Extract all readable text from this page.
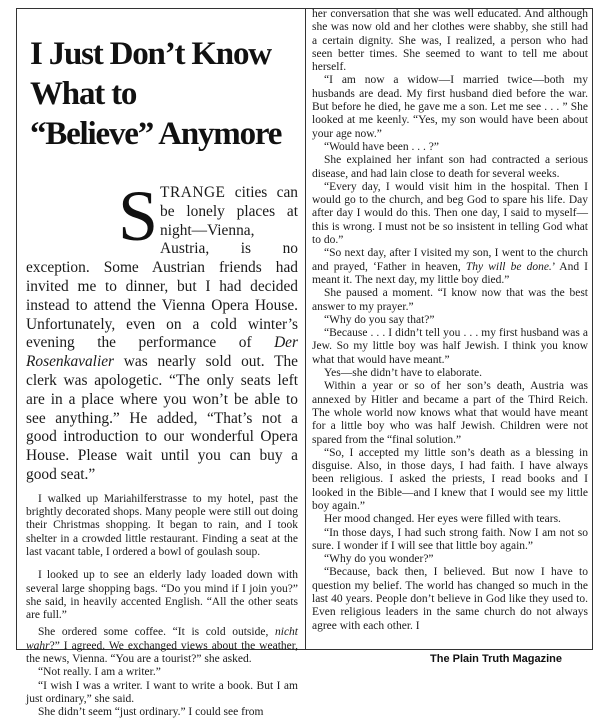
I Just Don’t Know
What to
“Believe” Anymore

STRANGE cities can be lonely places at night—Vienna, Austria, is no exception. Some Austrian friends had invited me to dinner, but I had decided instead to attend the Vienna Opera House. Unfortunately, even on a cold winter’s evening the performance of Der Rosenkavalier was nearly sold out. The clerk was apologetic. “The only seats left are in a place where you won’t be able to see anything.” He added, “That’s not a good introduction to our wonderful Opera House. Please wait until you can buy a good seat.”

I walked up Mariahilferstrasse to my hotel, past the brightly decorated shops. Many people were still out doing their Christmas shopping. It began to rain, and I took shelter in a crowded little restaurant. Finding a seat at the last vacant table, I ordered a bowl of goulash soup.

I looked up to see an elderly lady loaded down with several large shopping bags. “Do you mind if I join you?” she said, in heavily accented English. “All the other seats are full.”

She ordered some coffee. “It is cold outside, nicht wahr?” I agreed. We exchanged views about the weather, the news, Vienna. “You are a tourist?” she asked.

“Not really. I am a writer.”

“I wish I was a writer. I want to write a book. But I am just ordinary,” she said.

She didn’t seem “just ordinary.” I could see from

her conversation that she was well educated. And although she was now old and her clothes were shabby, she still had a certain dignity. She was, I realized, a person who had seen better times. She seemed to want to tell me about herself.

“I am now a widow—I married twice—both my husbands are dead. My first husband died before the war. But before he died, he gave me a son. Let me see . . . ” She looked at me keenly. “Yes, my son would have been about your age now.”

“Would have been . . . ?”

She explained her infant son had contracted a serious disease, and had lain close to death for several weeks.

“Every day, I would visit him in the hospital. Then I would go to the church, and beg God to spare his life. Day after day I would do this. Then one day, I said to myself—this is wrong. I must not be so insistent in telling God what to do.”

“So next day, after I visited my son, I went to the church and prayed, ‘Father in heaven, Thy will be done.’ And I meant it. The next day, my little boy died.”

She paused a moment. “I know now that was the best answer to my prayer.”

“Why do you say that?”

“Because . . . I didn’t tell you . . . my first husband was a Jew. So my little boy was half Jewish. I think you know what that would have meant.”

Yes—she didn’t have to elaborate.

Within a year or so of her son’s death, Austria was annexed by Hitler and became a part of the Third Reich. The whole world now knows what that would have meant for a little boy who was half Jewish. Children were not spared from the “final solution.”

“So, I accepted my little son’s death as a blessing in disguise. Also, in those days, I had faith. I have always been religious. I asked the priests, I read books and I looked in the Bible—and I knew that I would see my little boy again.”

Her mood changed. Her eyes were filled with tears.

“In those days, I had such strong faith. Now I am not so sure. I wonder if I will see that little boy again.”

“Why do you wonder?”

“Because, back then, I believed. But now I have to question my belief. The world has changed so much in the last 40 years. People don’t believe in God like they used to. Even religious leaders in the same church do not always agree with each other. I

The Plain Truth Magazine
